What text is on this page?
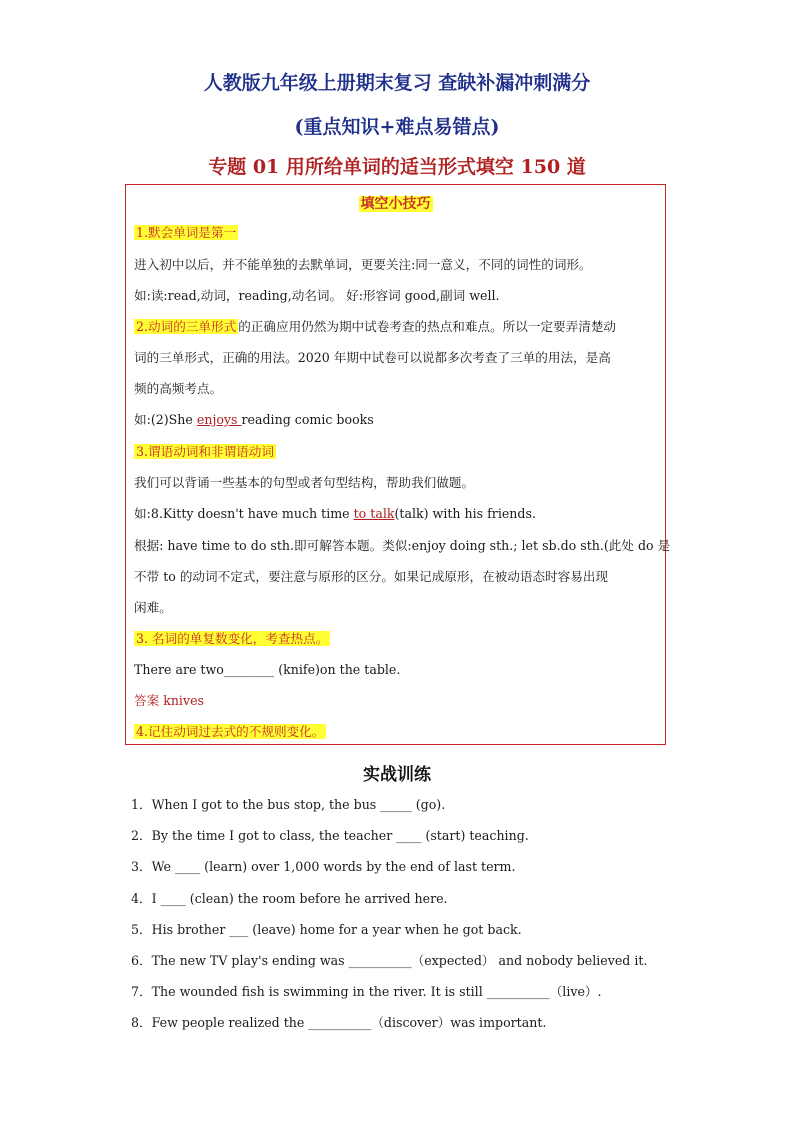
人教版九年级上册期末复习 查缺补漏冲刺满分
(重点知识+难点易错点)
专题 01 用所给单词的适当形式填空 150 道
填空小技巧

1.默会单词是第一

进入初中以后，并不能单独的去默单词，更要关注:同一意义，不同的词性的词形。

如:读:read,动词，reading,动名词。 好:形容词 good,副词 well.

2.动词的三单形式 的正确应用仍然为期中试卷考查的热点和难点。所以一定要弄清楚动

词的三单形式，正确的用法。2020 年期中试卷可以说都多次考查了三单的用法，是高

频的高频考点。

如:(2)She enjoys reading comic books

3.谓语动词和非谓语动词

我们可以背诵一些基本的句型或者句型结构，帮助我们做题。

如:8.Kitty doesn't have much time to talk(talk) with his friends.

根据: have time to do sth.即可解答本题。类似:enjoy doing sth.; let sb.do sth.(此处 do 是

不带 to 的动词不定式，要注意与原形的区分。如果记成原形，在被动语态时容易出现

闲难。

3. 名词的单复数变化，考查热点。

There are two________ (knife)on the table.

答案 knives

4.记住动词过去式的不规则变化。

实战训练

1．When I got to the bus stop, the bus _____ (go).

2．By the time I got to class, the teacher ____ (start) teaching.

3．We ____ (learn) over 1,000 words by the end of last term.

4．I ____ (clean) the room before he arrived here.

5．His brother ___ (leave) home for a year when he got back.

6．The new TV play's ending was __________（expected） and nobody believed it.

7．The wounded fish is swimming in the river. It is still __________（live）.

8．Few people realized the __________（discover）was important.
